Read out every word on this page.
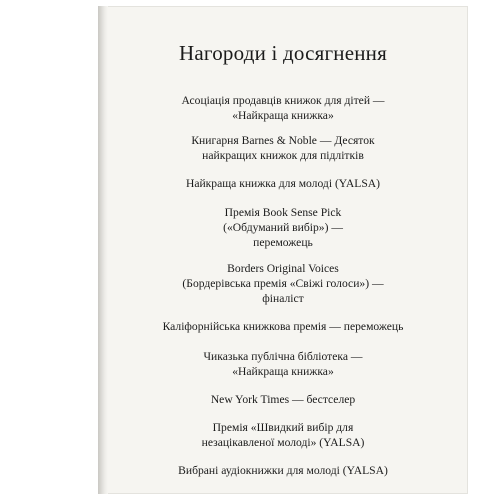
Нагороди і досягнення
Асоціація продавців книжок для дітей —
«Найкраща книжка»
Книгарня Barnes & Noble — Десяток
найкращих книжок для підлітків
Найкраща книжка для молоді (YALSA)
Премія Book Sense Pick
(«Обдуманий вибір») —
переможець
Borders Original Voices
(Бордерівська премія «Свіжі голоси») —
фіналіст
Каліфорнійська книжкова премія — переможець
Чиказька публічна бібліотека —
«Найкраща книжка»
New York Times — бестселер
Премія «Швидкий вибір для
незацікавленої молоді» (YALSA)
Вибрані аудіокнижки для молоді (YALSA)
